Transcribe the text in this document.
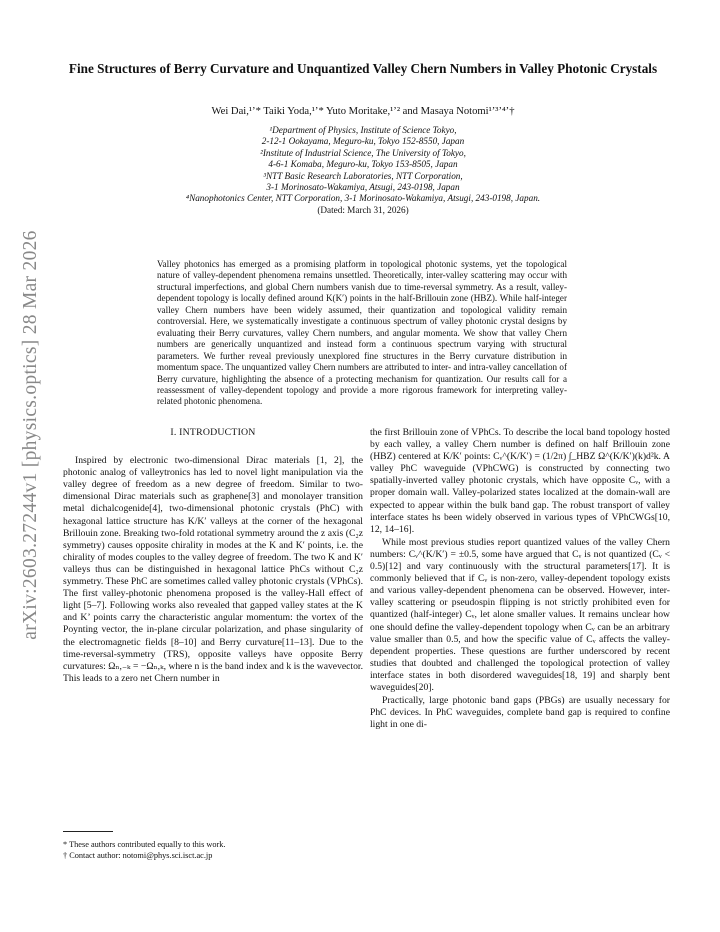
arXiv:2603.27244v1 [physics.optics] 28 Mar 2026
Fine Structures of Berry Curvature and Unquantized Valley Chern Numbers in Valley Photonic Crystals
Wei Dai,¹ʼ* Taiki Yoda,¹ʼ* Yuto Moritake,¹ʼ² and Masaya Notomi¹ʼ³ʼ⁴ʼ†
¹Department of Physics, Institute of Science Tokyo,
2-12-1 Ookayama, Meguro-ku, Tokyo 152-8550, Japan
²Institute of Industrial Science, The University of Tokyo,
4-6-1 Komaba, Meguro-ku, Tokyo 153-8505, Japan
³NTT Basic Research Laboratories, NTT Corporation,
3-1 Morinosato-Wakamiya, Atsugi, 243-0198, Japan
⁴Nanophotonics Center, NTT Corporation, 3-1 Morinosato-Wakamiya, Atsugi, 243-0198, Japan.
(Dated: March 31, 2026)
Valley photonics has emerged as a promising platform in topological photonic systems, yet the topological nature of valley-dependent phenomena remains unsettled. Theoretically, inter-valley scattering may occur with structural imperfections, and global Chern numbers vanish due to time-reversal symmetry. As a result, valley-dependent topology is locally defined around K(K′) points in the half-Brillouin zone (HBZ). While half-integer valley Chern numbers have been widely assumed, their quantization and topological validity remain controversial. Here, we systematically investigate a continuous spectrum of valley photonic crystal designs by evaluating their Berry curvatures, valley Chern numbers, and angular momenta. We show that valley Chern numbers are generically unquantized and instead form a continuous spectrum varying with structural parameters. We further reveal previously unexplored fine structures in the Berry curvature distribution in momentum space. The unquantized valley Chern numbers are attributed to inter- and intra-valley cancellation of Berry curvature, highlighting the absence of a protecting mechanism for quantization. Our results call for a reassessment of valley-dependent topology and provide a more rigorous framework for interpreting valley-related photonic phenomena.
I. INTRODUCTION

Inspired by electronic two-dimensional Dirac materials [1, 2], the photonic analog of valleytronics has led to novel light manipulation via the valley degree of freedom as a new degree of freedom. Similar to two-dimensional Dirac materials such as graphene[3] and monolayer transition metal dichalcogenide[4], two-dimensional photonic crystals (PhC) with hexagonal lattice structure has K/K′ valleys at the corner of the hexagonal Brillouin zone. Breaking two-fold rotational symmetry around the z axis (C₂z symmetry) causes opposite chirality in modes at the K and K′ points, i.e. the chirality of modes couples to the valley degree of freedom. The two K and K′ valleys thus can be distinguished in hexagonal lattice PhCs without C₂z symmetry. These PhC are sometimes called valley photonic crystals (VPhCs). The first valley-photonic phenomena proposed is the valley-Hall effect of light [5–7]. Following works also revealed that gapped valley states at the K and K’ points carry the characteristic angular momentum: the vortex of the Poynting vector, the in-plane circular polarization, and phase singularity of the electromagnetic fields [8–10] and Berry curvature[11–13]. Due to the time-reversal-symmetry (TRS), opposite valleys have opposite Berry curvatures: Ωₙ,₋ₖ = −Ωₙ,ₖ, where n is the band index and k is the wavevector. This leads to a zero net Chern number in

the first Brillouin zone of VPhCs. To describe the local band topology hosted by each valley, a valley Chern number is defined on half Brillouin zone (HBZ) centered at K/K′ points: Cᵥ^(K/K′) = (1/2π) ∫_HBZ Ω^(K/K′)(k)d²k. A valley PhC waveguide (VPhCWG) is constructed by connecting two spatially-inverted valley photonic crystals, which have opposite Cᵥ, with a proper domain wall. Valley-polarized states localized at the domain-wall are expected to appear within the bulk band gap. The robust transport of valley interface states hs been widely observed in various types of VPhCWGs[10, 12, 14–16].

While most previous studies report quantized values of the valley Chern numbers: Cᵥ^(K/K′) = ±0.5, some have argued that Cᵥ is not quantized (Cᵥ < 0.5)[12] and vary continuously with the structural parameters[17]. It is commonly believed that if Cᵥ is non-zero, valley-dependent topology exists and various valley-dependent phenomena can be observed. However, inter-valley scattering or pseudospin flipping is not strictly prohibited even for quantized (half-integer) Cᵥ, let alone smaller values. It remains unclear how one should define the valley-dependent topology when Cᵥ can be an arbitrary value smaller than 0.5, and how the specific value of Cᵥ affects the valley-dependent properties. These questions are further underscored by recent studies that doubted and challenged the topological protection of valley interface states in both disordered waveguides[18, 19] and sharply bent waveguides[20].

Practically, large photonic band gaps (PBGs) are usually necessary for PhC devices. In PhC waveguides, complete band gap is required to confine light in one di-

* These authors contributed equally to this work.

† Contact author: notomi@phys.sci.isct.ac.jp
